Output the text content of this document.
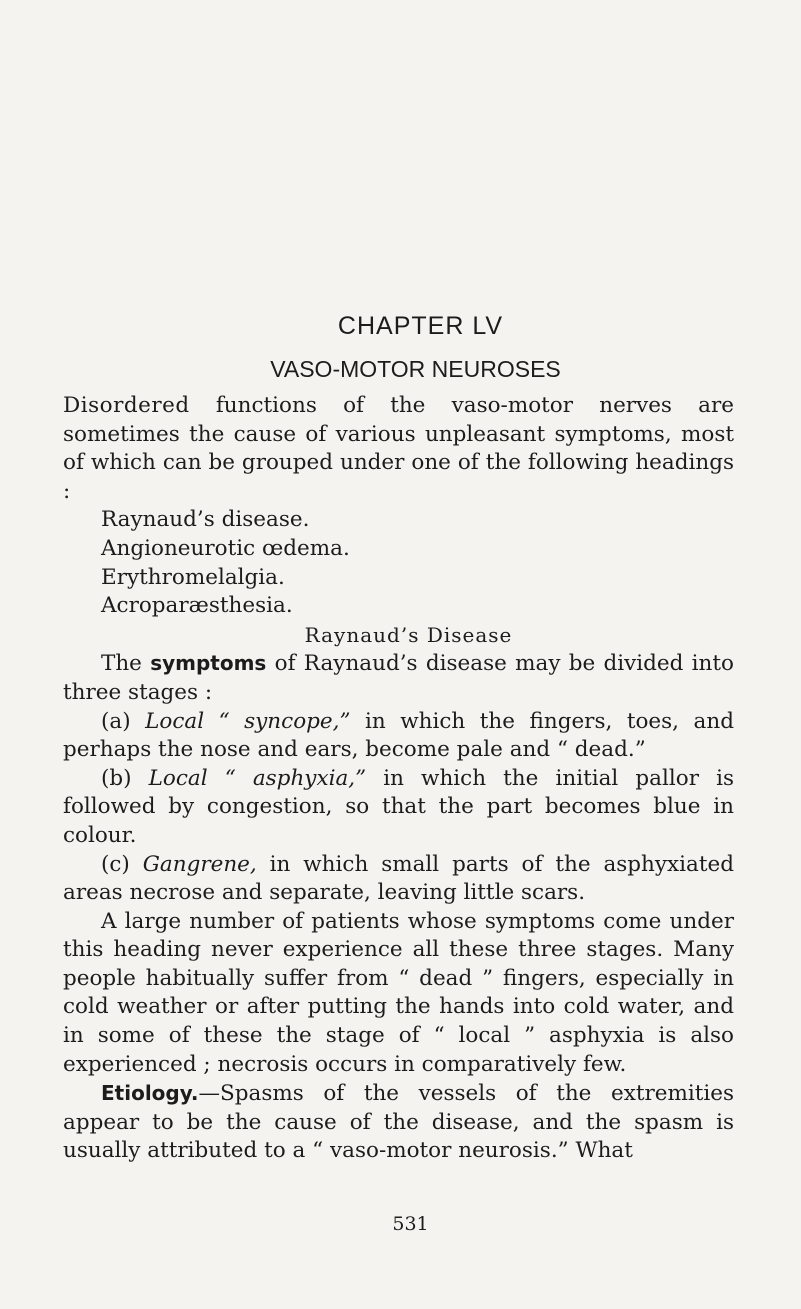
CHAPTER LV
VASO-MOTOR NEUROSES

Disordered functions of the vaso-motor nerves are sometimes the cause of various unpleasant symptoms, most of which can be grouped under one of the following headings :

Raynaud’s disease.

Angioneurotic œdema.

Erythromelalgia.

Acroparæsthesia.

Raynaud’s Disease

The symptoms of Raynaud’s disease may be divided into three stages :

(a) Local “ syncope,” in which the fingers, toes, and perhaps the nose and ears, become pale and “ dead.”

(b) Local “ asphyxia,” in which the initial pallor is followed by congestion, so that the part becomes blue in colour.

(c) Gangrene, in which small parts of the asphyxiated areas necrose and separate, leaving little scars.

A large number of patients whose symptoms come under this heading never experience all these three stages. Many people habitually suffer from “ dead ” fingers, especially in cold weather or after putting the hands into cold water, and in some of these the stage of “ local ” asphyxia is also experienced ; necrosis occurs in comparatively few.

Etiology.—Spasms of the vessels of the extremities appear to be the cause of the disease, and the spasm is usually attributed to a “ vaso-motor neurosis.” What

531
